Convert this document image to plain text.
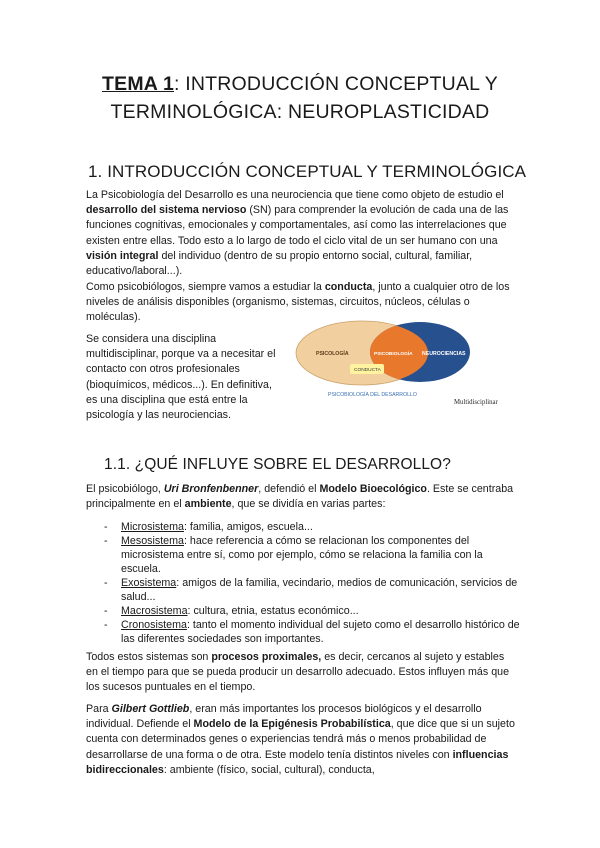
TEMA 1: INTRODUCCIÓN CONCEPTUAL Y
TERMINOLÓGICA: NEUROPLASTICIDAD
1. INTRODUCCIÓN CONCEPTUAL Y TERMINOLÓGICA

La Psicobiología del Desarrollo es una neurociencia que tiene como objeto de estudio el desarrollo del sistema nervioso (SN) para comprender la evolución de cada una de las funciones cognitivas, emocionales y comportamentales, así como las interrelaciones que existen entre ellas. Todo esto a lo largo de todo el ciclo vital de un ser humano con una visión integral del individuo (dentro de su propio entorno social, cultural, familiar, educativo/laboral...).

Como psicobiólogos, siempre vamos a estudiar la conducta, junto a cualquier otro de los niveles de análisis disponibles (organismo, sistemas, circuitos, núcleos, células o moléculas).

Se considera una disciplina multidisciplinar, porque va a necesitar el contacto con otros profesionales (bioquímicos, médicos...). En definitiva, es una disciplina que está entre la psicología y las neurociencias.

PSICOLOGÍA	PSICOBIOLOGÍA NEUROCIENCIAS
CONDUCTA
PSICOBIOLOGÍA DEL DESARROLLO
Multidisciplinar
1.1. ¿QUÉ INFLUYE SOBRE EL DESARROLLO?

El psicobiólogo, Uri Bronfenbenner, defendió el Modelo Bioecológico. Este se centraba principalmente en el ambiente, que se dividía en varias partes:

- Microsistema: familia, amigos, escuela...
- Mesosistema: hace referencia a cómo se relacionan los componentes del microsistema entre sí, como por ejemplo, cómo se relaciona la familia con la escuela.
- Exosistema: amigos de la familia, vecindario, medios de comunicación, servicios de salud...
- Macrosistema: cultura, etnia, estatus económico...
- Cronosistema: tanto el momento individual del sujeto como el desarrollo histórico de las diferentes sociedades son importantes.

Todos estos sistemas son procesos proximales, es decir, cercanos al sujeto y estables en el tiempo para que se pueda producir un desarrollo adecuado. Estos influyen más que los sucesos puntuales en el tiempo.

Para Gilbert Gottlieb, eran más importantes los procesos biológicos y el desarrollo individual. Defiende el Modelo de la Epigénesis Probabilística, que dice que si un sujeto cuenta con determinados genes o experiencias tendrá más o menos probabilidad de desarrollarse de una forma o de otra. Este modelo tenía distintos niveles con influencias bidireccionales: ambiente (físico, social, cultural), conducta,
